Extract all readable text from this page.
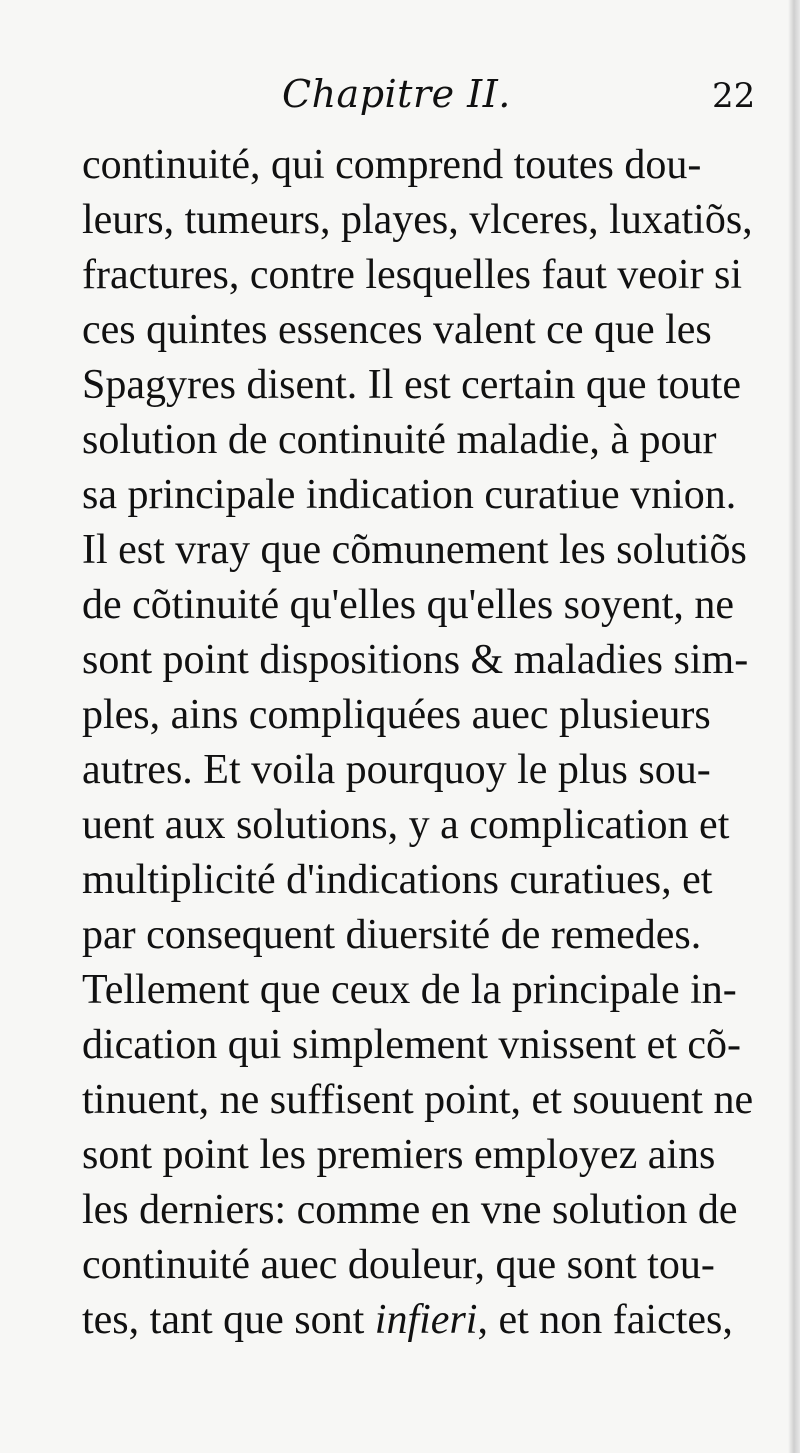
Chapitre II.	22
continuité, qui comprend toutes dou-
leurs, tumeurs, playes, vlceres, luxatiõs,
fractures, contre lesquelles faut veoir si
ces quintes essences valent ce que les
Spagyres disent. Il est certain que toute
solution de continuité maladie, à pour
sa principale indication curatiue vnion.
Il est vray que cõmunement les solutiõs
de cõtinuité qu'elles qu'elles soyent, ne
sont point dispositions & maladies sim-
ples, ains compliquées auec plusieurs
autres. Et voila pourquoy le plus sou-
uent aux solutions, y a complication et
multiplicité d'indications curatiues, et
par consequent diuersité de remedes.
Tellement que ceux de la principale in-
dication qui simplement vnissent et cõ-
tinuent, ne suffisent point, et souuent ne
sont point les premiers employez ains
les derniers: comme en vne solution de
continuité auec douleur, que sont tou-
tes, tant que sont infieri, et non faictes,
